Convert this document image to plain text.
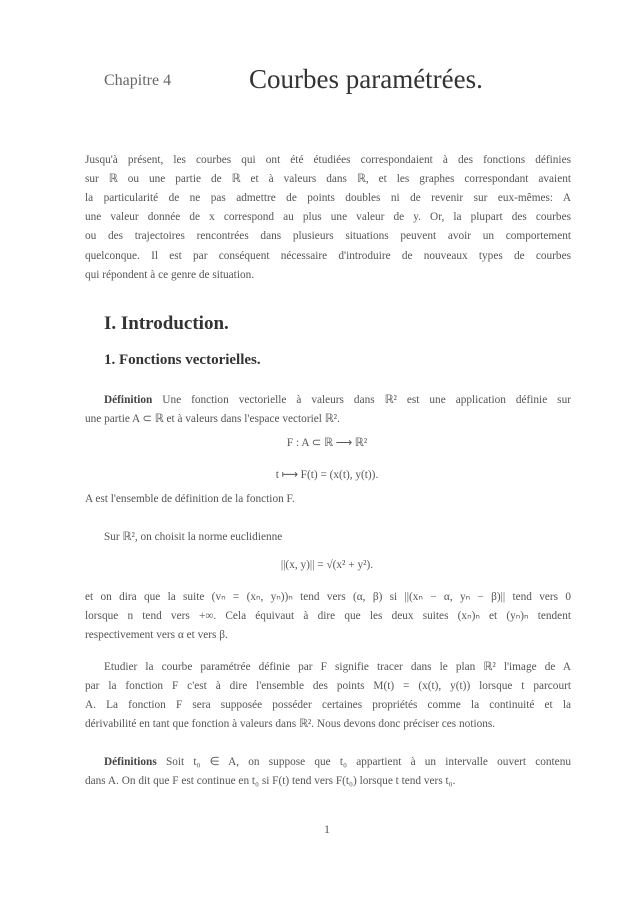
Chapitre 4	Courbes paramétrées.
Jusqu'à présent, les courbes qui ont été étudiées correspondaient à des fonctions définies
sur ℝ ou une partie de ℝ et à valeurs dans ℝ, et les graphes correspondant avaient
la particularité de ne pas admettre de points doubles ni de revenir sur eux-mêmes: A
une valeur donnée de x correspond au plus une valeur de y. Or, la plupart des courbes
ou des trajectoires rencontrées dans plusieurs situations peuvent avoir un comportement
quelconque. Il est par conséquent nécessaire d'introduire de nouveaux types de courbes
qui répondent à ce genre de situation.
I. Introduction.
1. Fonctions vectorielles.
Définition Une fonction vectorielle à valeurs dans ℝ² est une application définie sur
une partie A ⊂ ℝ et à valeurs dans l'espace vectoriel ℝ².
F : A ⊂ ℝ ⟶ ℝ²
t ⟼ F(t) = (x(t), y(t)).
A est l'ensemble de définition de la fonction F.
Sur ℝ², on choisit la norme euclidienne
||(x, y)|| = √(x² + y²).
et on dira que la suite (vₙ = (xₙ, yₙ))ₙ tend vers (α, β) si ||(xₙ − α, yₙ − β)|| tend vers 0
lorsque n tend vers +∞. Cela équivaut à dire que les deux suites (xₙ)ₙ et (yₙ)ₙ tendent
respectivement vers α et vers β.
Etudier la courbe paramétrée définie par F signifie tracer dans le plan ℝ² l'image de A
par la fonction F c'est à dire l'ensemble des points M(t) = (x(t), y(t)) lorsque t parcourt
A. La fonction F sera supposée posséder certaines propriétés comme la continuité et la
dérivabilité en tant que fonction à valeurs dans ℝ². Nous devons donc préciser ces notions.
Définitions Soit t₀ ∈ A, on suppose que t₀ appartient à un intervalle ouvert contenu
dans A. On dit que F est continue en t₀ si F(t) tend vers F(t₀) lorsque t tend vers t₀.
1
